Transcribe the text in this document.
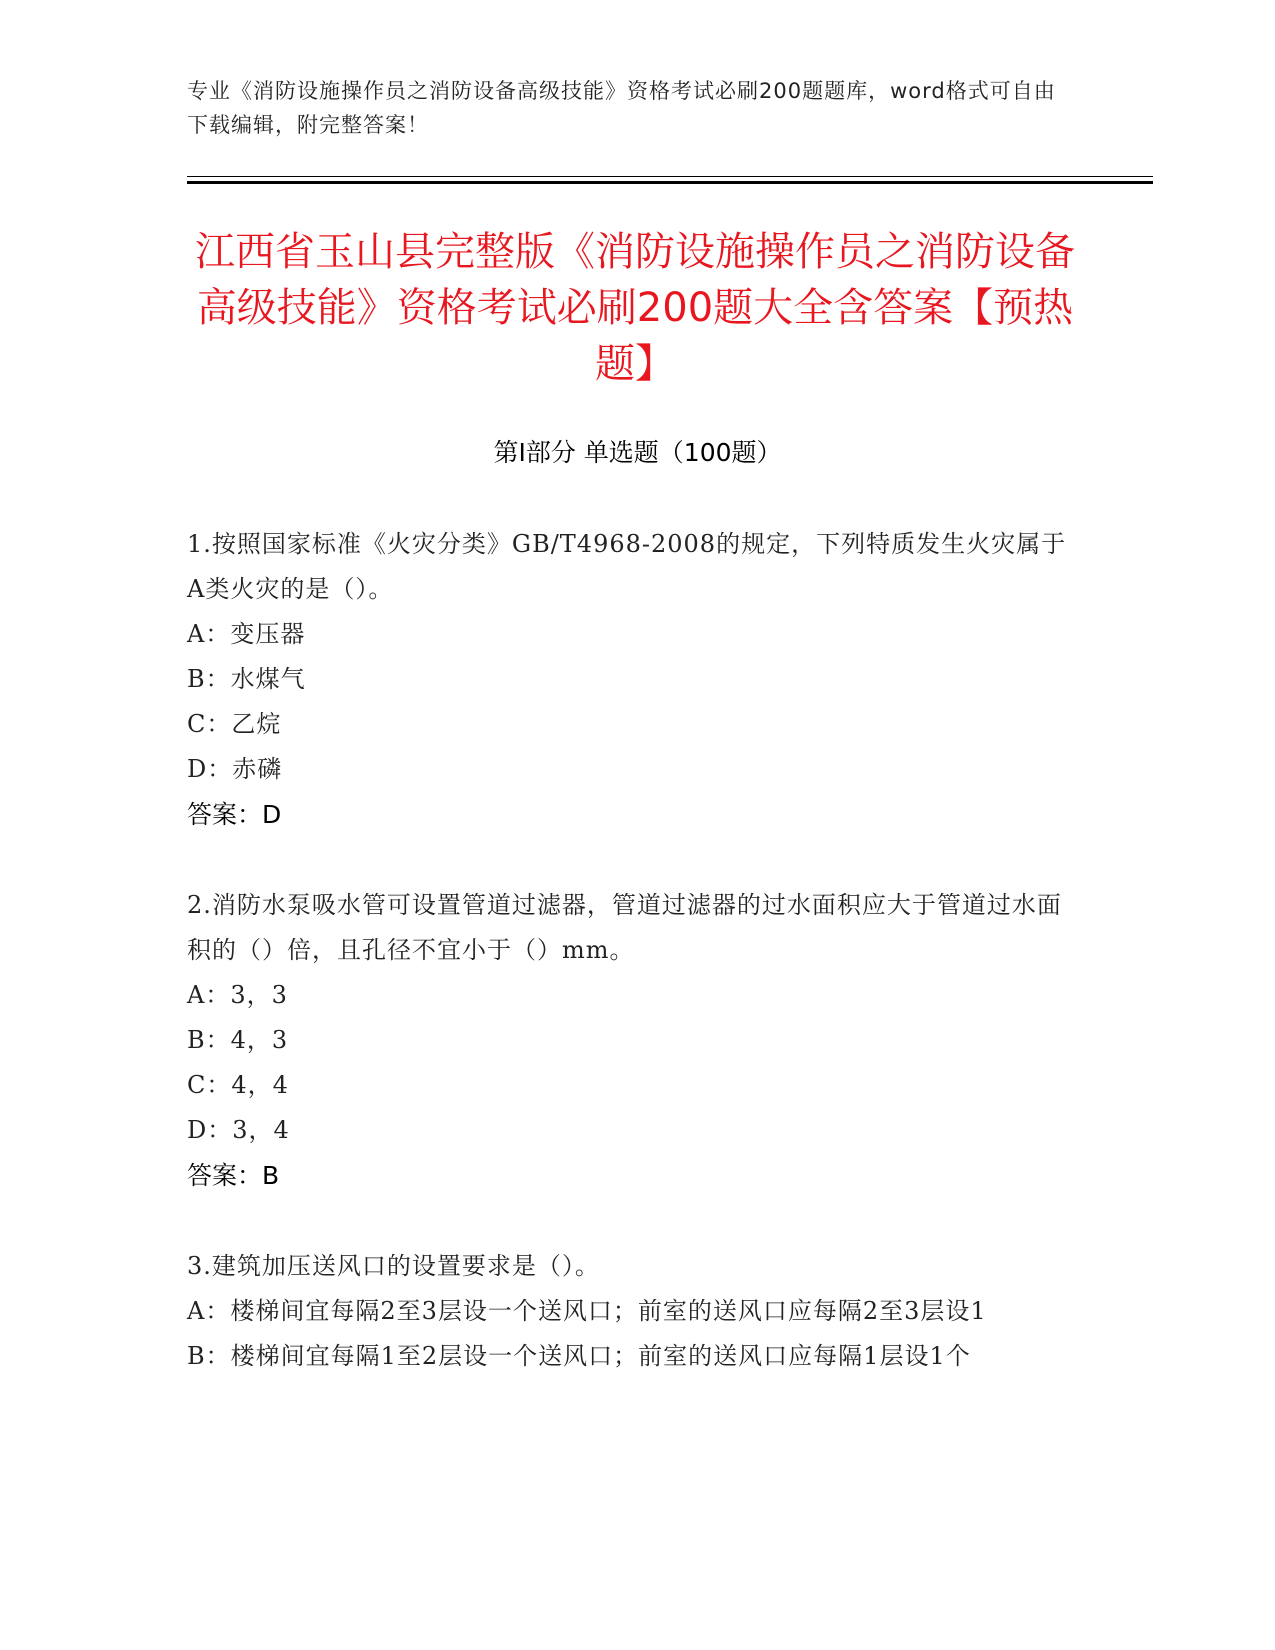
专业《消防设施操作员之消防设备高级技能》资格考试必刷200题题库，word格式可自由下载编辑，附完整答案！
江西省玉山县完整版《消防设施操作员之消防设备高级技能》资格考试必刷200题大全含答案【预热题】
第I部分 单选题（100题）

1.按照国家标准《火灾分类》GB/T4968-2008的规定，下列特质发生火灾属于A类火灾的是（）。

A：变压器

B：水煤气

C：乙烷

D：赤磷

答案：D

2.消防水泵吸水管可设置管道过滤器，管道过滤器的过水面积应大于管道过水面积的（）倍，且孔径不宜小于（）mm。

A：3，3

B：4，3

C：4，4

D：3，4

答案：B

3.建筑加压送风口的设置要求是（）。

A：楼梯间宜每隔2至3层设一个送风口；前室的送风口应每隔2至3层设1

B：楼梯间宜每隔1至2层设一个送风口；前室的送风口应每隔1层设1个
